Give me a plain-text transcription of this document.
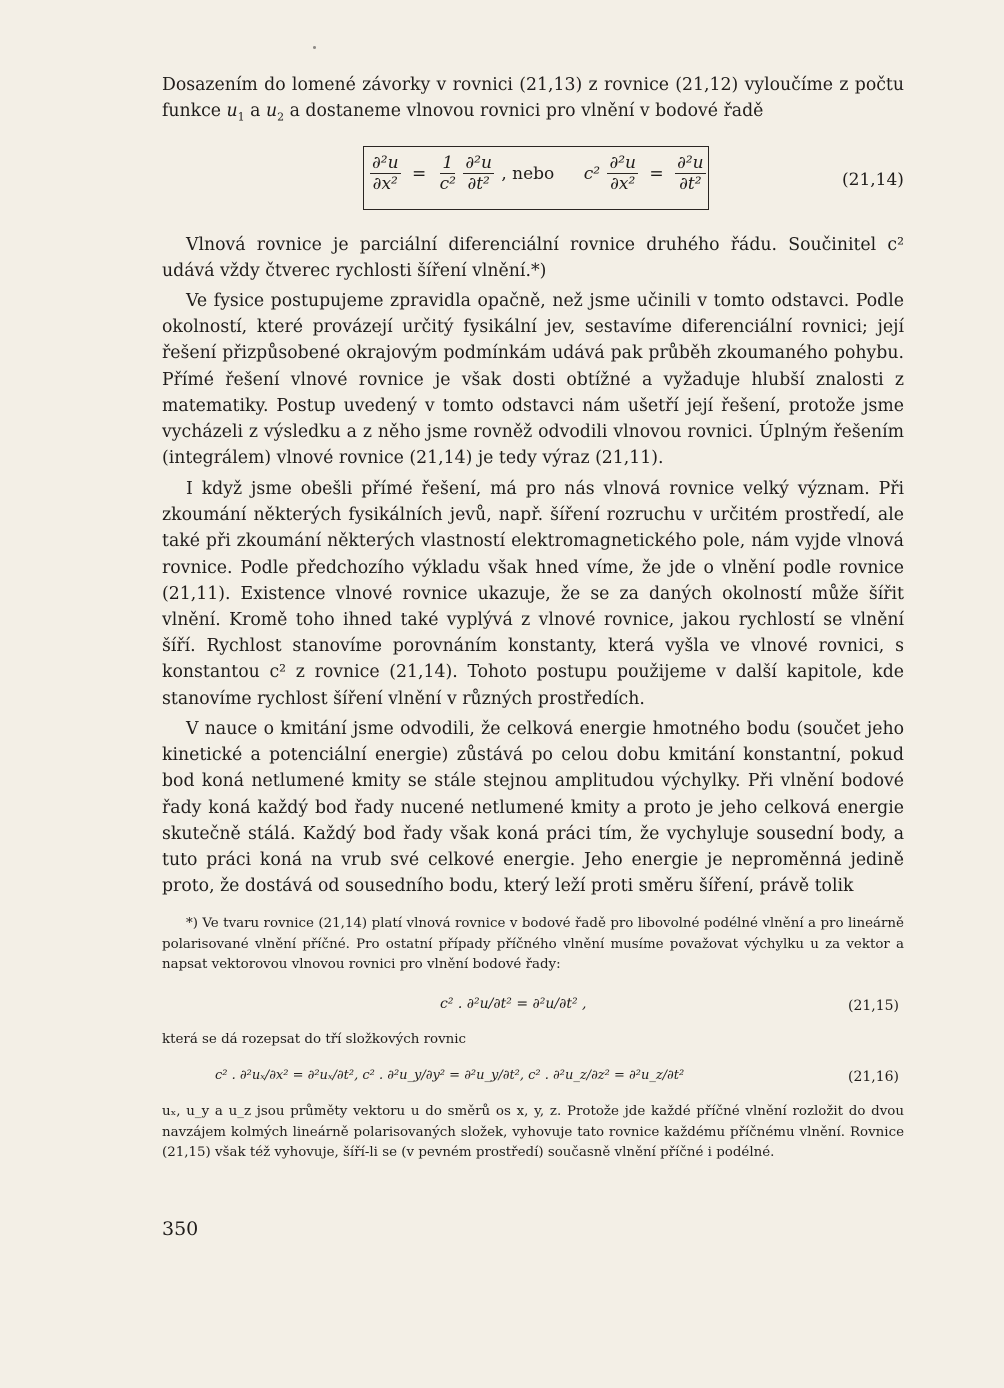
Dosazením do lomené závorky v rovnici (21,13) z rovnice (21,12) vyloučíme z počtu funkce $u_1$ a $u_2$ a dostaneme vlnovou rovnici pro vlnění v bodové řadě

$\frac{\text{∂²u}}{\text{∂x²}} = \frac{1}{\text{c²}}$
$\frac{\text{∂²u}}{\text{∂t²}}$ , nebo $c^2 \frac{\text{∂²u}}{\text{∂x²}} = \frac{\text{∂²u}}{\text{∂t²}}$	(21,14)

Vlnová rovnice je parciální diferenciální rovnice druhého řádu. Součinitel c² udává vždy čtverec rychlosti šíření vlnění.*)

Ve fysice postupujeme zpravidla opačně, než jsme učinili v tomto odstavci. Podle okolností, které provázejí určitý fysikální jev, sestavíme diferenciální rovnici; její řešení přizpůsobené okrajovým podmínkám udává pak průběh zkoumaného pohybu. Přímé řešení vlnové rovnice je však dosti obtížné a vyžaduje hlubší znalosti z matematiky. Postup uvedený v tomto odstavci nám ušetří její řešení, protože jsme vycházeli z výsledku a z něho jsme rovněž odvodili vlnovou rovnici. Úplným řešením (integrálem) vlnové rovnice (21,14) je tedy výraz (21,11).

I když jsme obešli přímé řešení, má pro nás vlnová rovnice velký význam. Při zkoumání některých fysikálních jevů, např. šíření rozruchu v určitém prostředí, ale také při zkoumání některých vlastností elektromagnetického pole, nám vyjde vlnová rovnice. Podle předchozího výkladu však hned víme, že jde o vlnění podle rovnice (21,11). Existence vlnové rovnice ukazuje, že se za daných okolností může šířit vlnění. Kromě toho ihned také vyplývá z vlnové rovnice, jakou rychlostí se vlnění šíří. Rychlost stanovíme porovnáním konstanty, která vyšla ve vlnové rovnici, s konstantou c² z rovnice (21,14). Tohoto postupu použijeme v další kapitole, kde stanovíme rychlost šíření vlnění v různých prostředích.

V nauce o kmitání jsme odvodili, že celková energie hmotného bodu (součet jeho kinetické a potenciální energie) zůstává po celou dobu kmitání konstantní, pokud bod koná netlumené kmity se stále stejnou amplitudou výchylky. Při vlnění bodové řady koná každý bod řady nucené netlumené kmity a proto je jeho celková energie skutečně stálá. Každý bod řady však koná práci tím, že vychyluje sousední body, a tuto práci koná na vrub své celkové energie. Jeho energie je neproměnná jedině proto, že dostává od sousedního bodu, který leží proti směru šíření, právě tolik

*) Ve tvaru rovnice (21,14) platí vlnová rovnice v bodové řadě pro libovolné podélné vlnění a pro lineárně polarisované vlnění příčné. Pro ostatní případy příčného vlnění musíme považovat výchylku u za vektor a napsat vektorovou vlnovou rovnici pro vlnění bodové řady:

c² . ∂²u/∂t² = ∂²u/∂t² ,	(21,15)

která se dá rozepsat do tří složkových rovnic

c² . ∂²uₓ/∂x² = ∂²uₓ/∂t², c² . ∂²u_y/∂y² = ∂²u_y/∂t², c² . ∂²u_z/∂z² = ∂²u_z/∂t²	(21,16)

uₓ, u_y a u_z jsou průměty vektoru u do směrů os x, y, z. Protože jde každé příčné vlnění rozložit do dvou navzájem kolmých lineárně polarisovaných složek, vyhovuje tato rovnice každému příčnému vlnění. Rovnice (21,15) však též vyhovuje, šíří-li se (v pevném prostředí) současně vlnění příčné i podélné.

350
